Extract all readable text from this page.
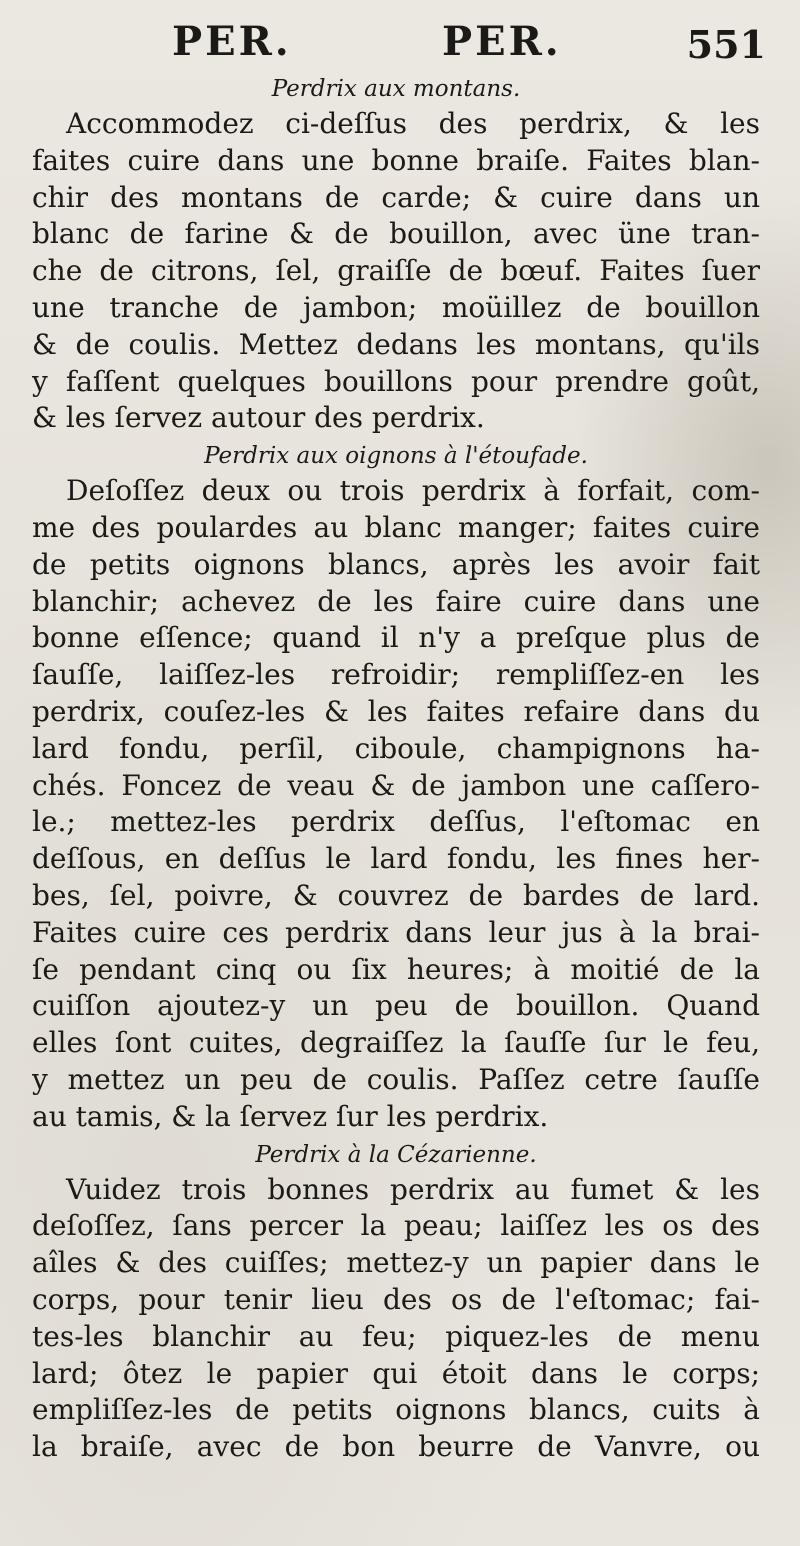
PER.	PER.	551
Perdrix aux montans.
Accommodez ci-deſſus des perdrix, & les
faites cuire dans une bonne braiſe. Faites blan-
chir des montans de carde; & cuire dans un
blanc de farine & de bouillon, avec üne tran-
che de citrons, ſel, graiſſe de bœuf. Faites ſuer
une tranche de jambon; moüillez de bouillon
& de coulis. Mettez dedans les montans, qu'ils
y faſſent quelques bouillons pour prendre goût,
& les ſervez autour des perdrix.
Perdrix aux oignons à l'étoufade.
Deſoſſez deux ou trois perdrix à forfait, com-
me des poulardes au blanc manger; faites cuire
de petits oignons blancs, après les avoir fait
blanchir; achevez de les faire cuire dans une
bonne eſſence; quand il n'y a preſque plus de
ſauſſe, laiſſez-les refroidir; rempliſſez-en les
perdrix, couſez-les & les faites refaire dans du
lard fondu, perſil, ciboule, champignons ha-
chés. Foncez de veau & de jambon une caſſero-
le.; mettez-les perdrix deſſus, l'eſtomac en
deſſous, en deſſus le lard fondu, les fines her-
bes, ſel, poivre, & couvrez de bardes de lard.
Faites cuire ces perdrix dans leur jus à la brai-
ſe pendant cinq ou ſix heures; à moitié de la
cuiſſon ajoutez-y un peu de bouillon. Quand
elles ſont cuites, degraiſſez la ſauſſe ſur le feu,
y mettez un peu de coulis. Paſſez cetre ſauſſe
au tamis, & la ſervez ſur les perdrix.
Perdrix à la Cézarienne.
Vuidez trois bonnes perdrix au fumet & les
deſoſſez, ſans percer la peau; laiſſez les os des
aîles & des cuiſſes; mettez-y un papier dans le
corps, pour tenir lieu des os de l'eſtomac; fai-
tes-les blanchir au feu; piquez-les de menu
lard; ôtez le papier qui étoit dans le corps;
empliſſez-les de petits oignons blancs, cuits à
la braiſe, avec de bon beurre de Vanvre, ou
